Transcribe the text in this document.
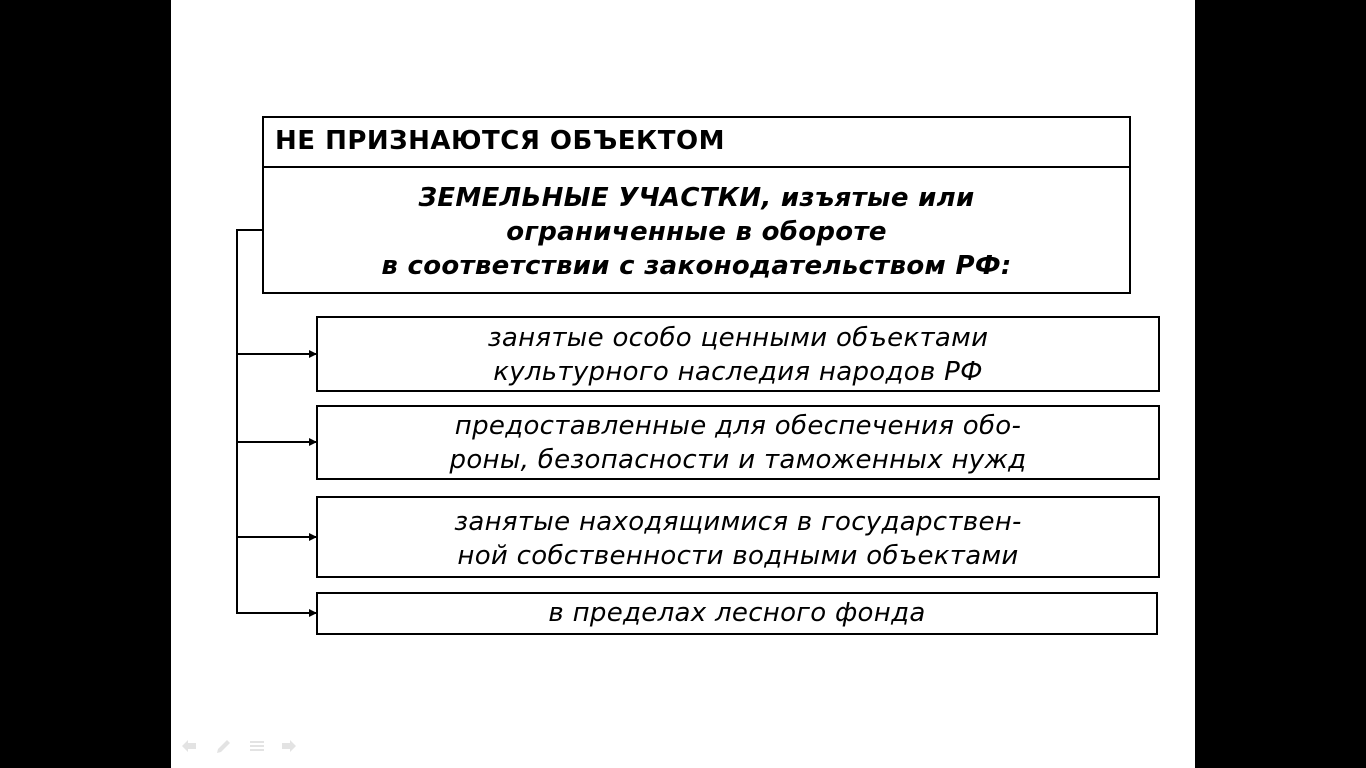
НЕ ПРИЗНАЮТСЯ ОБЪЕКТОМ
ЗЕМЕЛЬНЫЕ УЧАСТКИ, изъятые или
ограниченные в обороте
в соответствии с законодательством РФ:
занятые особо ценными объектами
культурного наследия народов РФ
предоставленные для обеспечения обо-
роны, безопасности и таможенных нужд
занятые находящимися в государствен-
ной собственности водными объектами
в пределах лесного фонда
